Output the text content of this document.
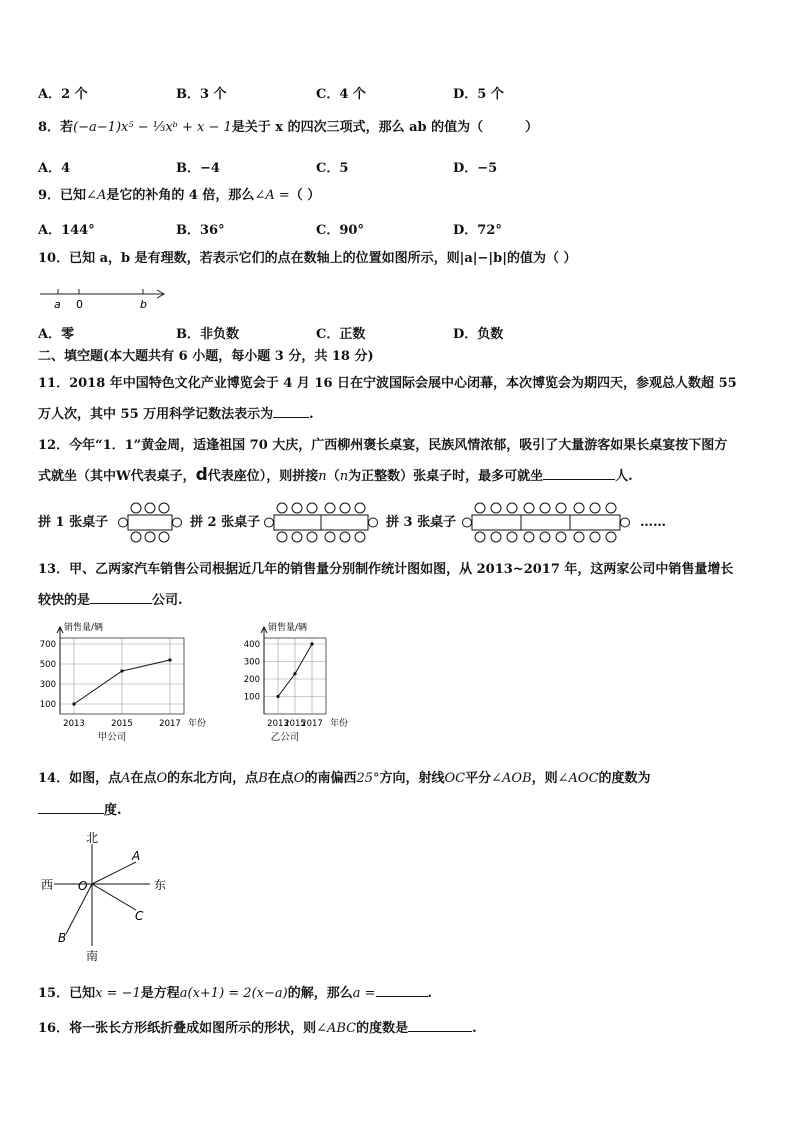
A．2 个	B．3 个	C．4 个	D．5 个
8．若(−a−1)x⁵ − ⅓xᵇ + x − 1是关于 x 的四次三项式，那么 ab 的值为（	）
A．4	B．−4	C．5	D．−5
9．已知∠A是它的补角的 4 倍，那么∠A =（ ）
A．144°	B．36°	C．90°	D．72°
10．已知 a，b 是有理数，若表示它们的点在数轴上的位置如图所示，则|a|−|b|的值为（ ）
a 0	b
A．零	B．非负数	C．正数	D．负数
二、填空题(本大题共有 6 小题，每小题 3 分，共 18 分)
11．2018 年中国特色文化产业博览会于 4 月 16 日在宁波国际会展中心闭幕，本次博览会为期四天，参观总人数超 55
万人次，其中 55 万用科学记数法表示为	.
12．今年“1．1”黄金周，适逢祖国 70 大庆，广西柳州褒长桌宴，民族风情浓郁，吸引了大量游客如果长桌宴按下图方
式就坐（其中W代表桌子，d代表座位），则拼接n（n为正整数）张桌子时，最多可就坐	人.
拼 1 张桌子	拼 2 张桌子	拼 3 张桌子	……
13．甲、乙两家汽车销售公司根据近几年的销售量分别制作统计图如图，从 2013~2017 年，这两家公司中销售量增长
较快的是	公司.
100
300
500
700
2013	2015	2017
销售量/辆
年份
甲公司
100
200
300
400
2013
2015
2017
销售量/辆
年份
乙公司
14．如图，点A在点O的东北方向，点B在点O的南偏西25°方向，射线OC平分∠AOB，则∠AOC的度数为
度.
北
南
西	东
A
B
C
O
15．已知x = −1是方程a(x+1) = 2(x−a)的解，那么a =	.
16．将一张长方形纸折叠成如图所示的形状，则∠ABC的度数是	.
